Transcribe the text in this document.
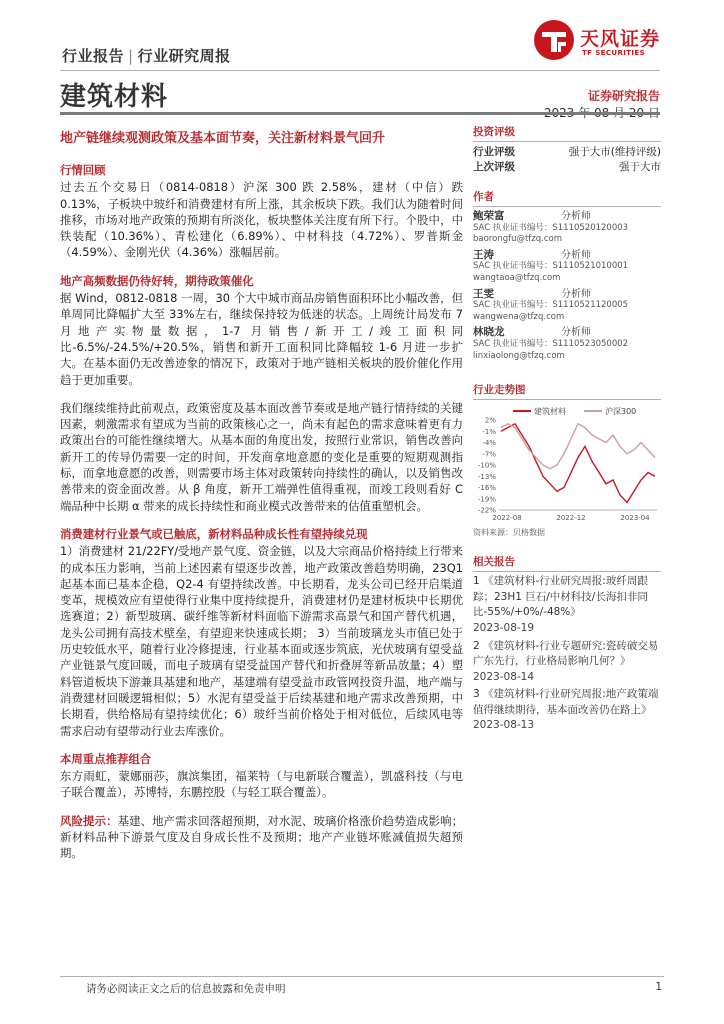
行业报告 | 行业研究周报
天风证券
TF SECURITIES
建筑材料	证券研究报告
地产链继续观测政策及基本面节奏，关注新材料景气回升
行情回顾
过去五个交易日（0814-0818）沪深 300 跌 2.58%，建材（中信）跌 0.13%，子板块中玻纤和消费建材有所上涨，其余板块下跌。我们认为随着时间推移，市场对地产政策的预期有所淡化，板块整体关注度有所下行。个股中，中铁装配（10.36%）、青松建化（6.89%）、中材科技（4.72%）、罗普斯金（4.59%）、金刚光伏（4.36%）涨幅居前。
地产高频数据仍待好转，期待政策催化
据 Wind，0812-0818 一周，30 个大中城市商品房销售面积环比小幅改善，但单周同比降幅扩大至 33%左右，继续保持较为低迷的状态。上周统计局发布 7 月地产实物量数据，1-7 月销售/新开工/竣工面积同比-6.5%/-24.5%/+20.5%，销售和新开工面积同比降幅较 1-6 月进一步扩大。在基本面仍无改善迹象的情况下，政策对于地产链相关板块的股价催化作用趋于更加重要。
我们继续维持此前观点，政策密度及基本面改善节奏或是地产链行情持续的关键因素，刺激需求有望成为当前的政策核心之一，尚未有起色的需求意味着更有力政策出台的可能性继续增大。从基本面的角度出发，按照行业常识，销售改善向新开工的传导仍需要一定的时间，开发商拿地意愿的变化是重要的短期观测指标，而拿地意愿的改善，则需要市场主体对政策转向持续性的确认，以及销售改善带来的资金面改善。从 β 角度，新开工端弹性值得重视，而竣工段则看好 C 端品种中长期 α 带来的成长持续性和商业模式改善带来的估值重塑机会。
消费建材行业景气或已触底，新材料品种成长性有望持续兑现
1）消费建材 21/22FY/受地产景气度、资金链，以及大宗商品价格持续上行带来的成本压力影响，当前上述因素有望逐步改善，地产政策改善趋势明确，23Q1 起基本面已基本企稳，Q2-4 有望持续改善。中长期看，龙头公司已经开启渠道变革，规模效应有望使得行业集中度持续提升，消费建材仍是建材板块中长期优选赛道；2）新型玻璃、碳纤维等新材料面临下游需求高景气和国产替代机遇，龙头公司拥有高技术壁垒，有望迎来快速成长期； 3）当前玻璃龙头市值已处于历史较低水平，随着行业冷修提速，行业基本面或逐步筑底，光伏玻璃有望受益产业链景气度回暖，而电子玻璃有望受益国产替代和折叠屏等新品放量；4）塑料管道板块下游兼具基建和地产，基建端有望受益市政管网投资升温，地产端与消费建材回暖逻辑相似；5）水泥有望受益于后续基建和地产需求改善预期，中长期看，供给格局有望持续优化；6）玻纤当前价格处于相对低位，后续风电等需求启动有望带动行业去库涨价。
本周重点推荐组合
东方雨虹，蒙娜丽莎，旗滨集团，福莱特（与电新联合覆盖），凯盛科技（与电子联合覆盖），苏博特，东鹏控股（与轻工联合覆盖）。
风险提示：基建、地产需求回落超预期，对水泥、玻璃价格涨价趋势造成影响；新材料品种下游景气度及自身成长性不及预期；地产产业链坏账减值损失超预期。
投资评级
行业评级	强于大市(维持评级)
上次评级	强于大市
作者
鲍荣富	分析师
SAC 执业证书编号：S1110520120003
baorongfu@tfzq.com
王涛	分析师
SAC 执业证书编号：S1110521010001
wangtaoa@tfzq.com
王雯	分析师
SAC 执业证书编号：S1110521120005
wangwena@tfzq.com
林晓龙	分析师
SAC 执业证书编号：S1110523050002
linxiaolong@tfzq.com
行业走势图
建筑材料	沪深300
2%
-1%
-4%
-7%
-10%
-13%
-16%
-19%
-22%
2022-08	2022-12	2023-04
资料来源：贝格数据
相关报告
1 《建筑材料-行业研究周报:玻纤周跟踪；23H1 巨石/中材科技/长海扣非同比-55%/+0%/-48%》
2023-08-19
2 《建筑材料-行业专题研究:瓷砖破交易广东先行，行业格局影响几何？》
2023-08-14
3 《建筑材料-行业研究周报:地产政策端值得继续期待，基本面改善仍在路上》
2023-08-13
请务必阅读正文之后的信息披露和免责申明	1
